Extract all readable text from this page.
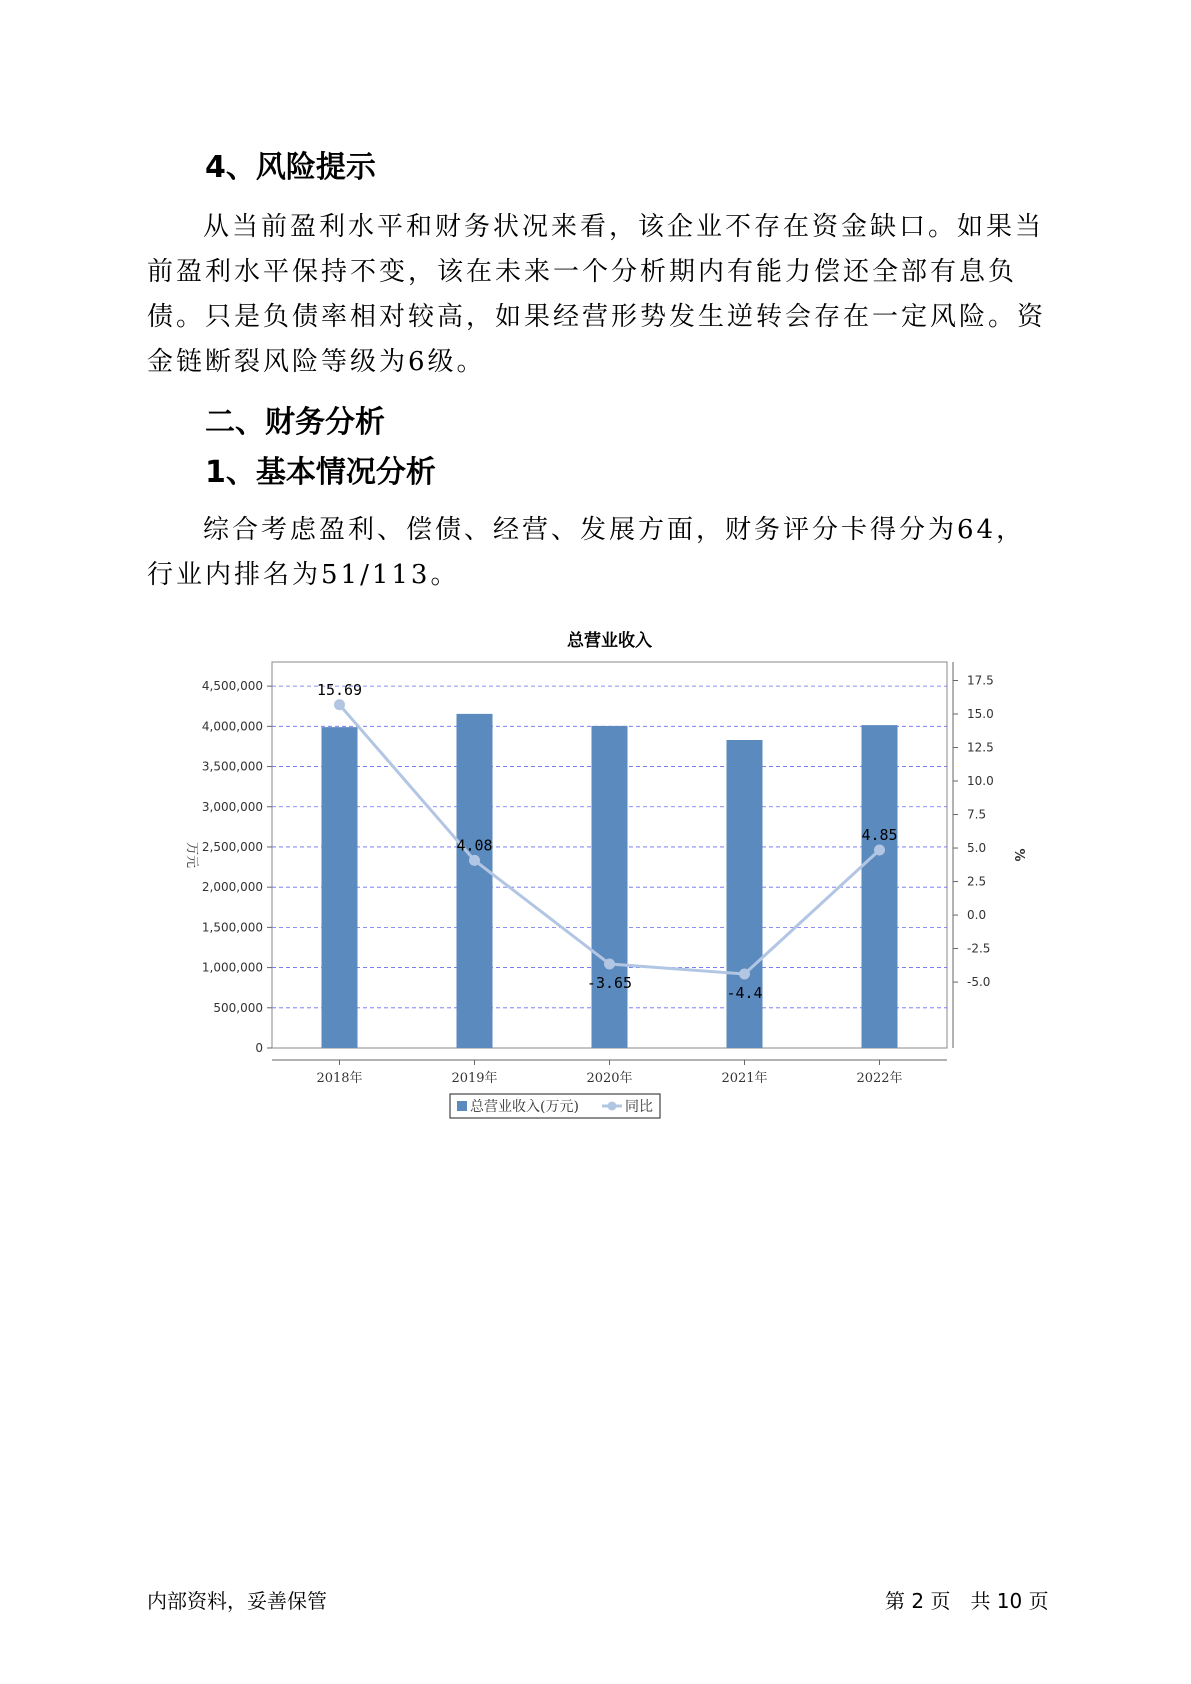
4、风险提示

从当前盈利水平和财务状况来看，该企业不存在资金缺口。如果当前盈利水平保持不变，该在未来一个分析期内有能力偿还全部有息负债。只是负债率相对较高，如果经营形势发生逆转会存在一定风险。资金链断裂风险等级为6级。

二、财务分析
1、基本情况分析

综合考虑盈利、偿债、经营、发展方面，财务评分卡得分为64，行业内排名为51/113。

总营业收入
0
500,000
1,000,000
1,500,000
2,000,000
2,500,000
3,000,000
3,500,000
4,000,000
4,500,000
-5.0
-2.5
0.0
2.5
5.0
7.5
10.0
12.5
15.0
17.5
万元	%
2018年	2019年	2020年	2021年	2022年
15.69
4.08
-3.65
-4.4
4.85
总营业收入(万元)	同比
内部资料，妥善保管	第 2 页　共 10 页
